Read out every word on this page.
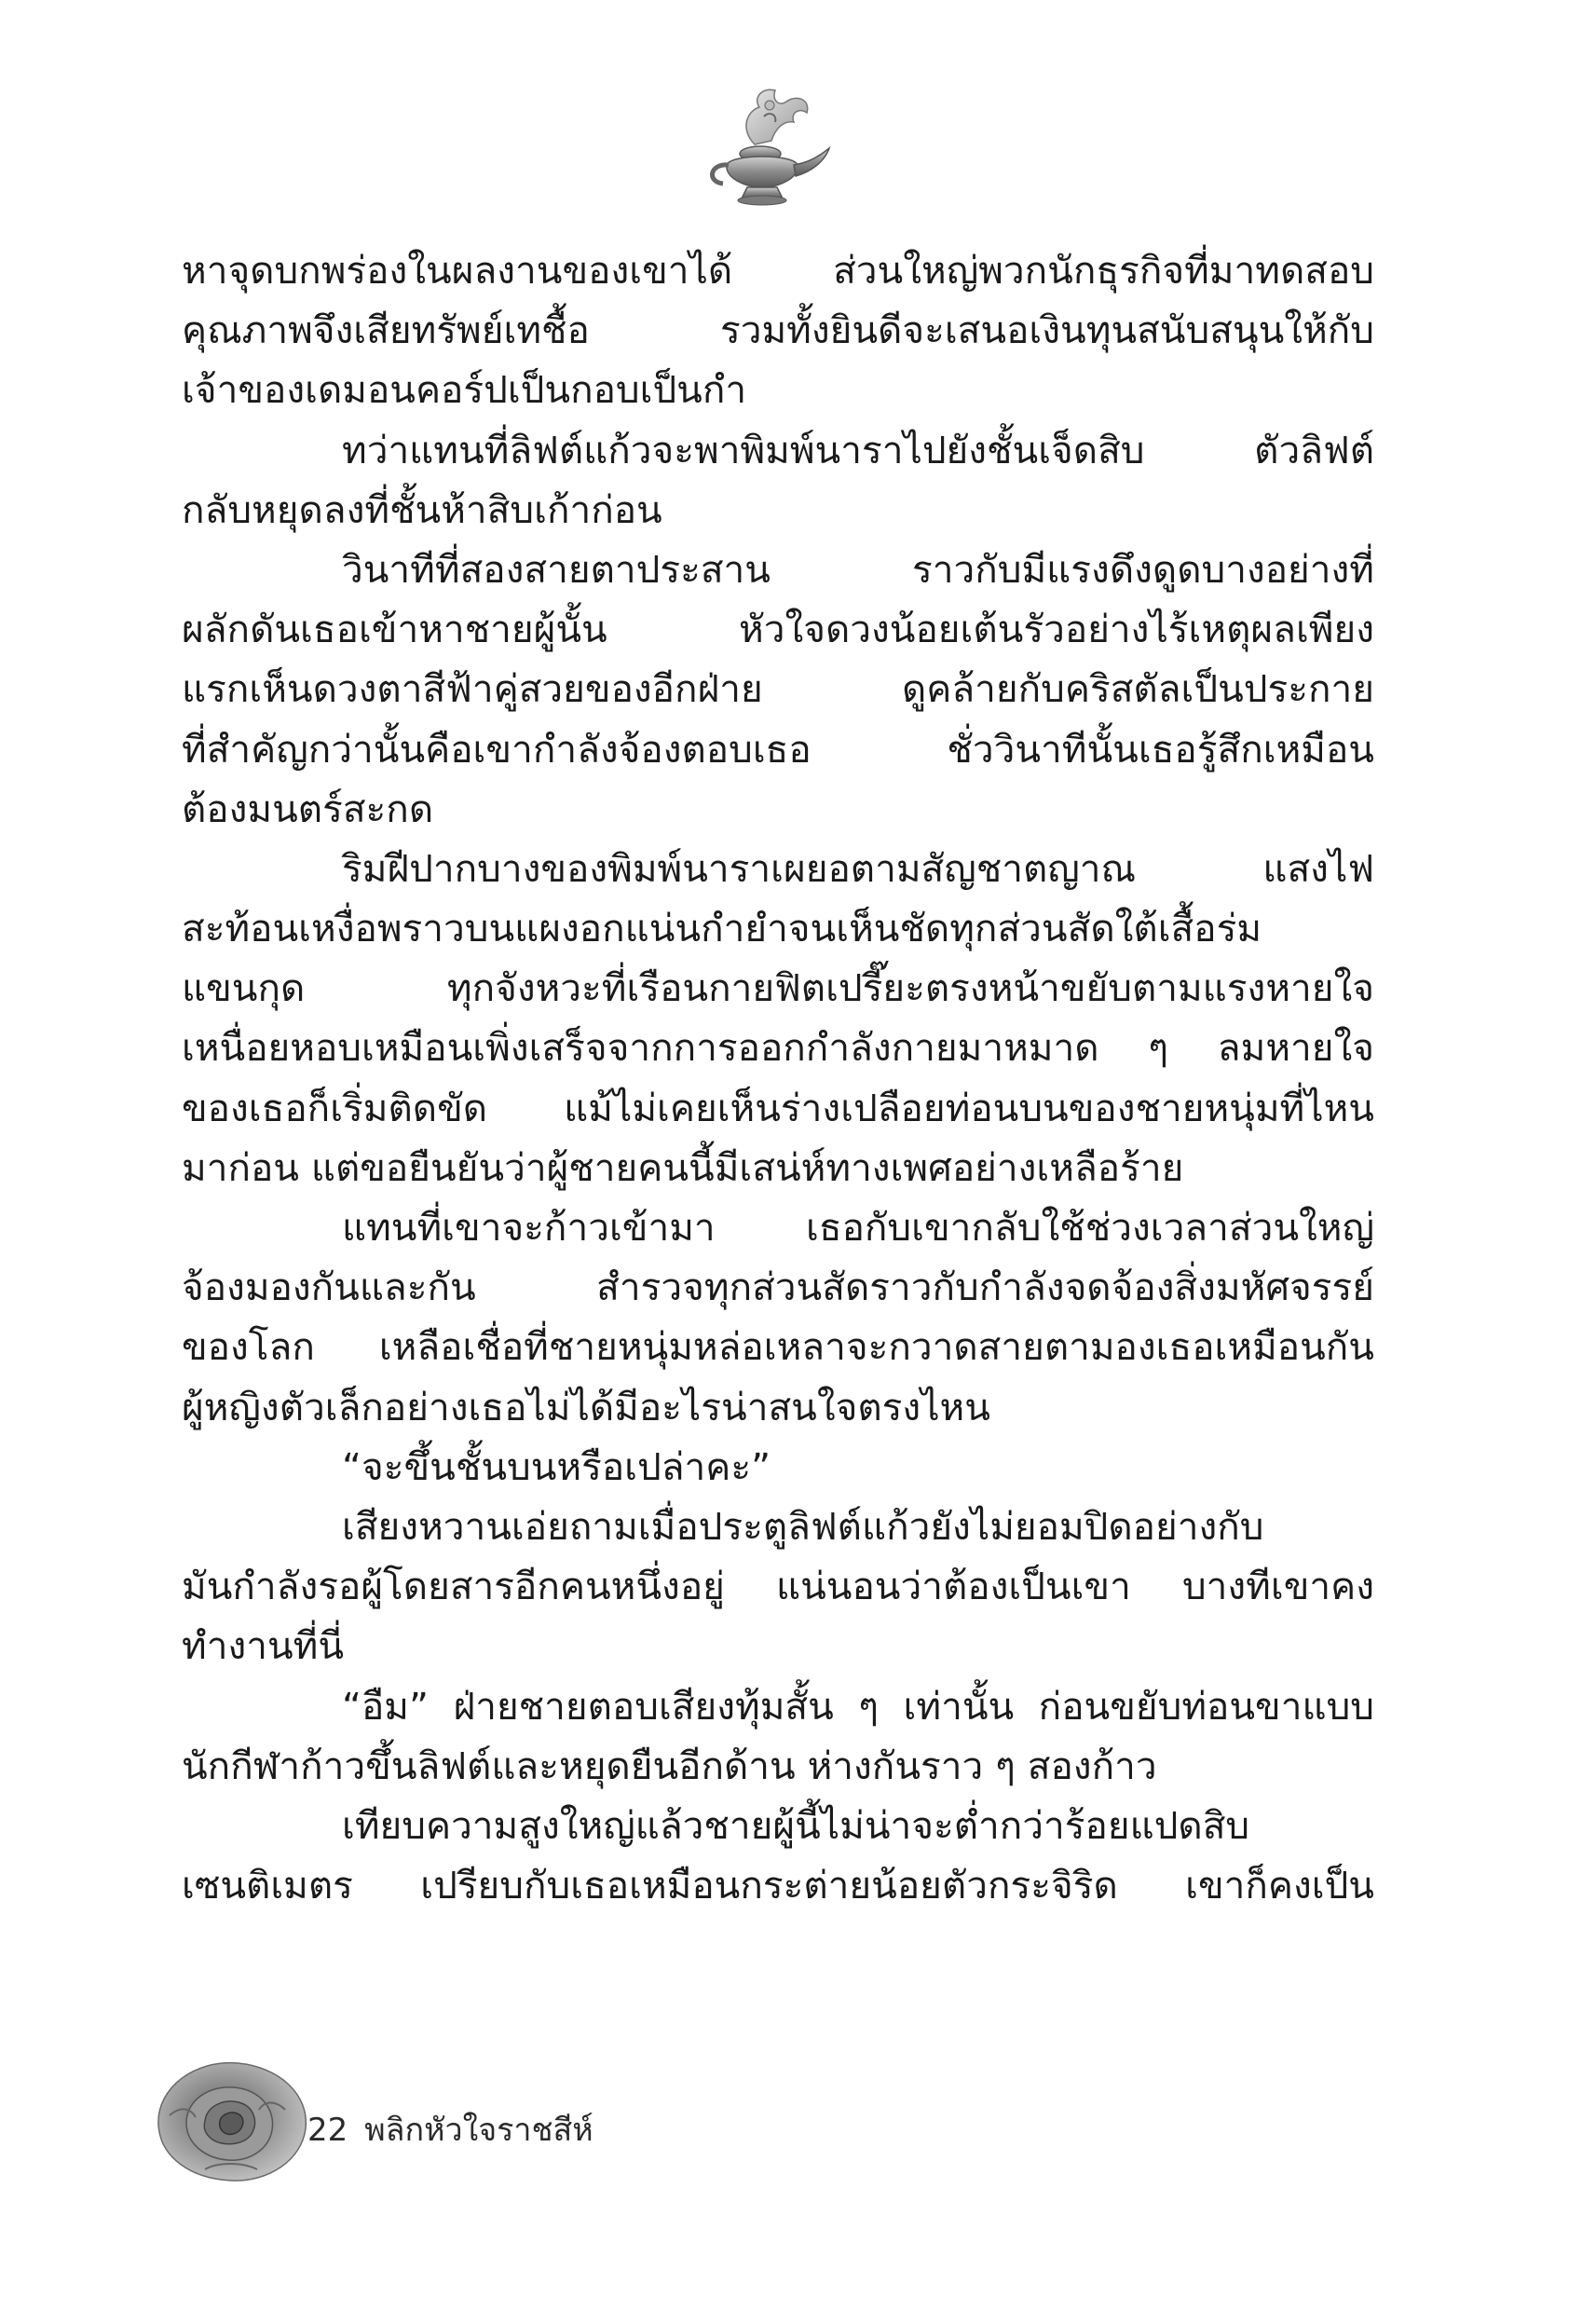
หาจุดบกพร่องในผลงานของเขาได้ ส่วนใหญ่พวกนักธุรกิจที่มาทดสอบ
คุณภาพจึงเสียทรัพย์เทชื้อ รวมทั้งยินดีจะเสนอเงินทุนสนับสนุนให้กับ
เจ้าของเดมอนคอร์ปเป็นกอบเป็นกำ
ทว่าแทนที่ลิฟต์แก้วจะพาพิมพ์นาราไปยังชั้นเจ็ดสิบ ตัวลิฟต์
กลับหยุดลงที่ชั้นห้าสิบเก้าก่อน
วินาทีที่สองสายตาประสาน ราวกับมีแรงดึงดูดบางอย่างที่
ผลักดันเธอเข้าหาชายผู้นั้น หัวใจดวงน้อยเต้นรัวอย่างไร้เหตุผลเพียง
แรกเห็นดวงตาสีฟ้าคู่สวยของอีกฝ่าย ดูคล้ายกับคริสตัลเป็นประกาย
ที่สำคัญกว่านั้นคือเขากำลังจ้องตอบเธอ ชั่ววินาทีนั้นเธอรู้สึกเหมือน
ต้องมนตร์สะกด
ริมฝีปากบางของพิมพ์นาราเผยอตามสัญชาตญาณ แสงไฟ
สะท้อนเหงื่อพราวบนแผงอกแน่นกำยำจนเห็นชัดทุกส่วนสัดใต้เสื้อร่ม
แขนกุด ทุกจังหวะที่เรือนกายฟิตเปรี๊ยะตรงหน้าขยับตามแรงหายใจ
เหนื่อยหอบเหมือนเพิ่งเสร็จจากการออกกำลังกายมาหมาด ๆ ลมหายใจ
ของเธอก็เริ่มติดขัด แม้ไม่เคยเห็นร่างเปลือยท่อนบนของชายหนุ่มที่ไหน
มาก่อน แต่ขอยืนยันว่าผู้ชายคนนี้มีเสน่ห์ทางเพศอย่างเหลือร้าย
แทนที่เขาจะก้าวเข้ามา เธอกับเขากลับใช้ช่วงเวลาส่วนใหญ่
จ้องมองกันและกัน สำรวจทุกส่วนสัดราวกับกำลังจดจ้องสิ่งมหัศจรรย์
ของโลก เหลือเชื่อที่ชายหนุ่มหล่อเหลาจะกวาดสายตามองเธอเหมือนกัน
ผู้หญิงตัวเล็กอย่างเธอไม่ได้มีอะไรน่าสนใจตรงไหน
“จะขึ้นชั้นบนหรือเปล่าคะ”
เสียงหวานเอ่ยถามเมื่อประตูลิฟต์แก้วยังไม่ยอมปิดอย่างกับ
มันกำลังรอผู้โดยสารอีกคนหนึ่งอยู่ แน่นอนว่าต้องเป็นเขา บางทีเขาคง
ทำงานที่นี่
“อืม” ฝ่ายชายตอบเสียงทุ้มสั้น ๆ เท่านั้น ก่อนขยับท่อนขาแบบ
นักกีฬาก้าวขึ้นลิฟต์และหยุดยืนอีกด้าน ห่างกันราว ๆ สองก้าว
เทียบความสูงใหญ่แล้วชายผู้นี้ไม่น่าจะต่ำกว่าร้อยแปดสิบ
เซนติเมตร เปรียบกับเธอเหมือนกระต่ายน้อยตัวกระจิริด เขาก็คงเป็น
22 พลิกหัวใจราชสีห์
